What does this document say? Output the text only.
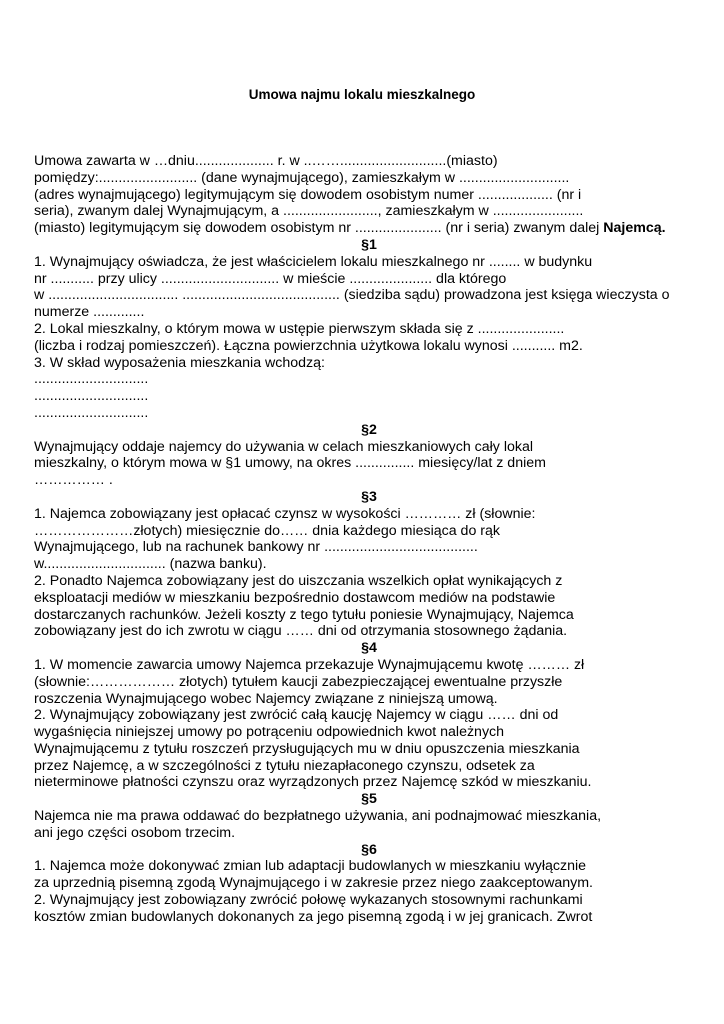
Umowa najmu lokalu mieszkalnego
Umowa zawarta w …dniu.................... r. w ..……...........................(miasto)
pomiędzy:......................... (dane wynajmującego), zamieszkałym w ............................
(adres wynajmującego) legitymującym się dowodem osobistym numer ................... (nr i
seria), zwanym dalej Wynajmującym, a ........................, zamieszkałym w .......................
(miasto) legitymującym się dowodem osobistym nr ...................... (nr i seria) zwanym dalej Najemcą.
§1
1. Wynajmujący oświadcza, że jest właścicielem lokalu mieszkalnego nr ........ w budynku
nr ........... przy ulicy .............................. w mieście ..................... dla którego
w ................................. ........................................ (siedziba sądu) prowadzona jest księga wieczysta o
numerze .............
2. Lokal mieszkalny, o którym mowa w ustępie pierwszym składa się z ......................
(liczba i rodzaj pomieszczeń). Łączna powierzchnia użytkowa lokalu wynosi ........... m2.
3. W skład wyposażenia mieszkania wchodzą:
.............................
.............................
.............................
§2
Wynajmujący oddaje najemcy do używania w celach mieszkaniowych cały lokal
mieszkalny, o którym mowa w §1 umowy, na okres ............... miesięcy/lat z dniem
…………… .
§3
1. Najemca zobowiązany jest opłacać czynsz w wysokości ………… zł (słownie:
…………………złotych) miesięcznie do…… dnia każdego miesiąca do rąk
Wynajmującego, lub na rachunek bankowy nr .......................................
w............................... (nazwa banku).
2. Ponadto Najemca zobowiązany jest do uiszczania wszelkich opłat wynikających z
eksploatacji mediów w mieszkaniu bezpośrednio dostawcom mediów na podstawie
dostarczanych rachunków. Jeżeli koszty z tego tytułu poniesie Wynajmujący, Najemca
zobowiązany jest do ich zwrotu w ciągu …… dni od otrzymania stosownego żądania.
§4
1. W momencie zawarcia umowy Najemca przekazuje Wynajmującemu kwotę ……… zł
(słownie:……………… złotych) tytułem kaucji zabezpieczającej ewentualne przyszłe
roszczenia Wynajmującego wobec Najemcy związane z niniejszą umową.
2. Wynajmujący zobowiązany jest zwrócić całą kaucję Najemcy w ciągu …… dni od
wygaśnięcia niniejszej umowy po potrąceniu odpowiednich kwot należnych
Wynajmującemu z tytułu roszczeń przysługujących mu w dniu opuszczenia mieszkania
przez Najemcę, a w szczególności z tytułu niezapłaconego czynszu, odsetek za
nieterminowe płatności czynszu oraz wyrządzonych przez Najemcę szkód w mieszkaniu.
§5
Najemca nie ma prawa oddawać do bezpłatnego używania, ani podnajmować mieszkania,
ani jego części osobom trzecim.
§6
1. Najemca może dokonywać zmian lub adaptacji budowlanych w mieszkaniu wyłącznie
za uprzednią pisemną zgodą Wynajmującego i w zakresie przez niego zaakceptowanym.
2. Wynajmujący jest zobowiązany zwrócić połowę wykazanych stosownymi rachunkami
kosztów zmian budowlanych dokonanych za jego pisemną zgodą i w jej granicach. Zwrot
